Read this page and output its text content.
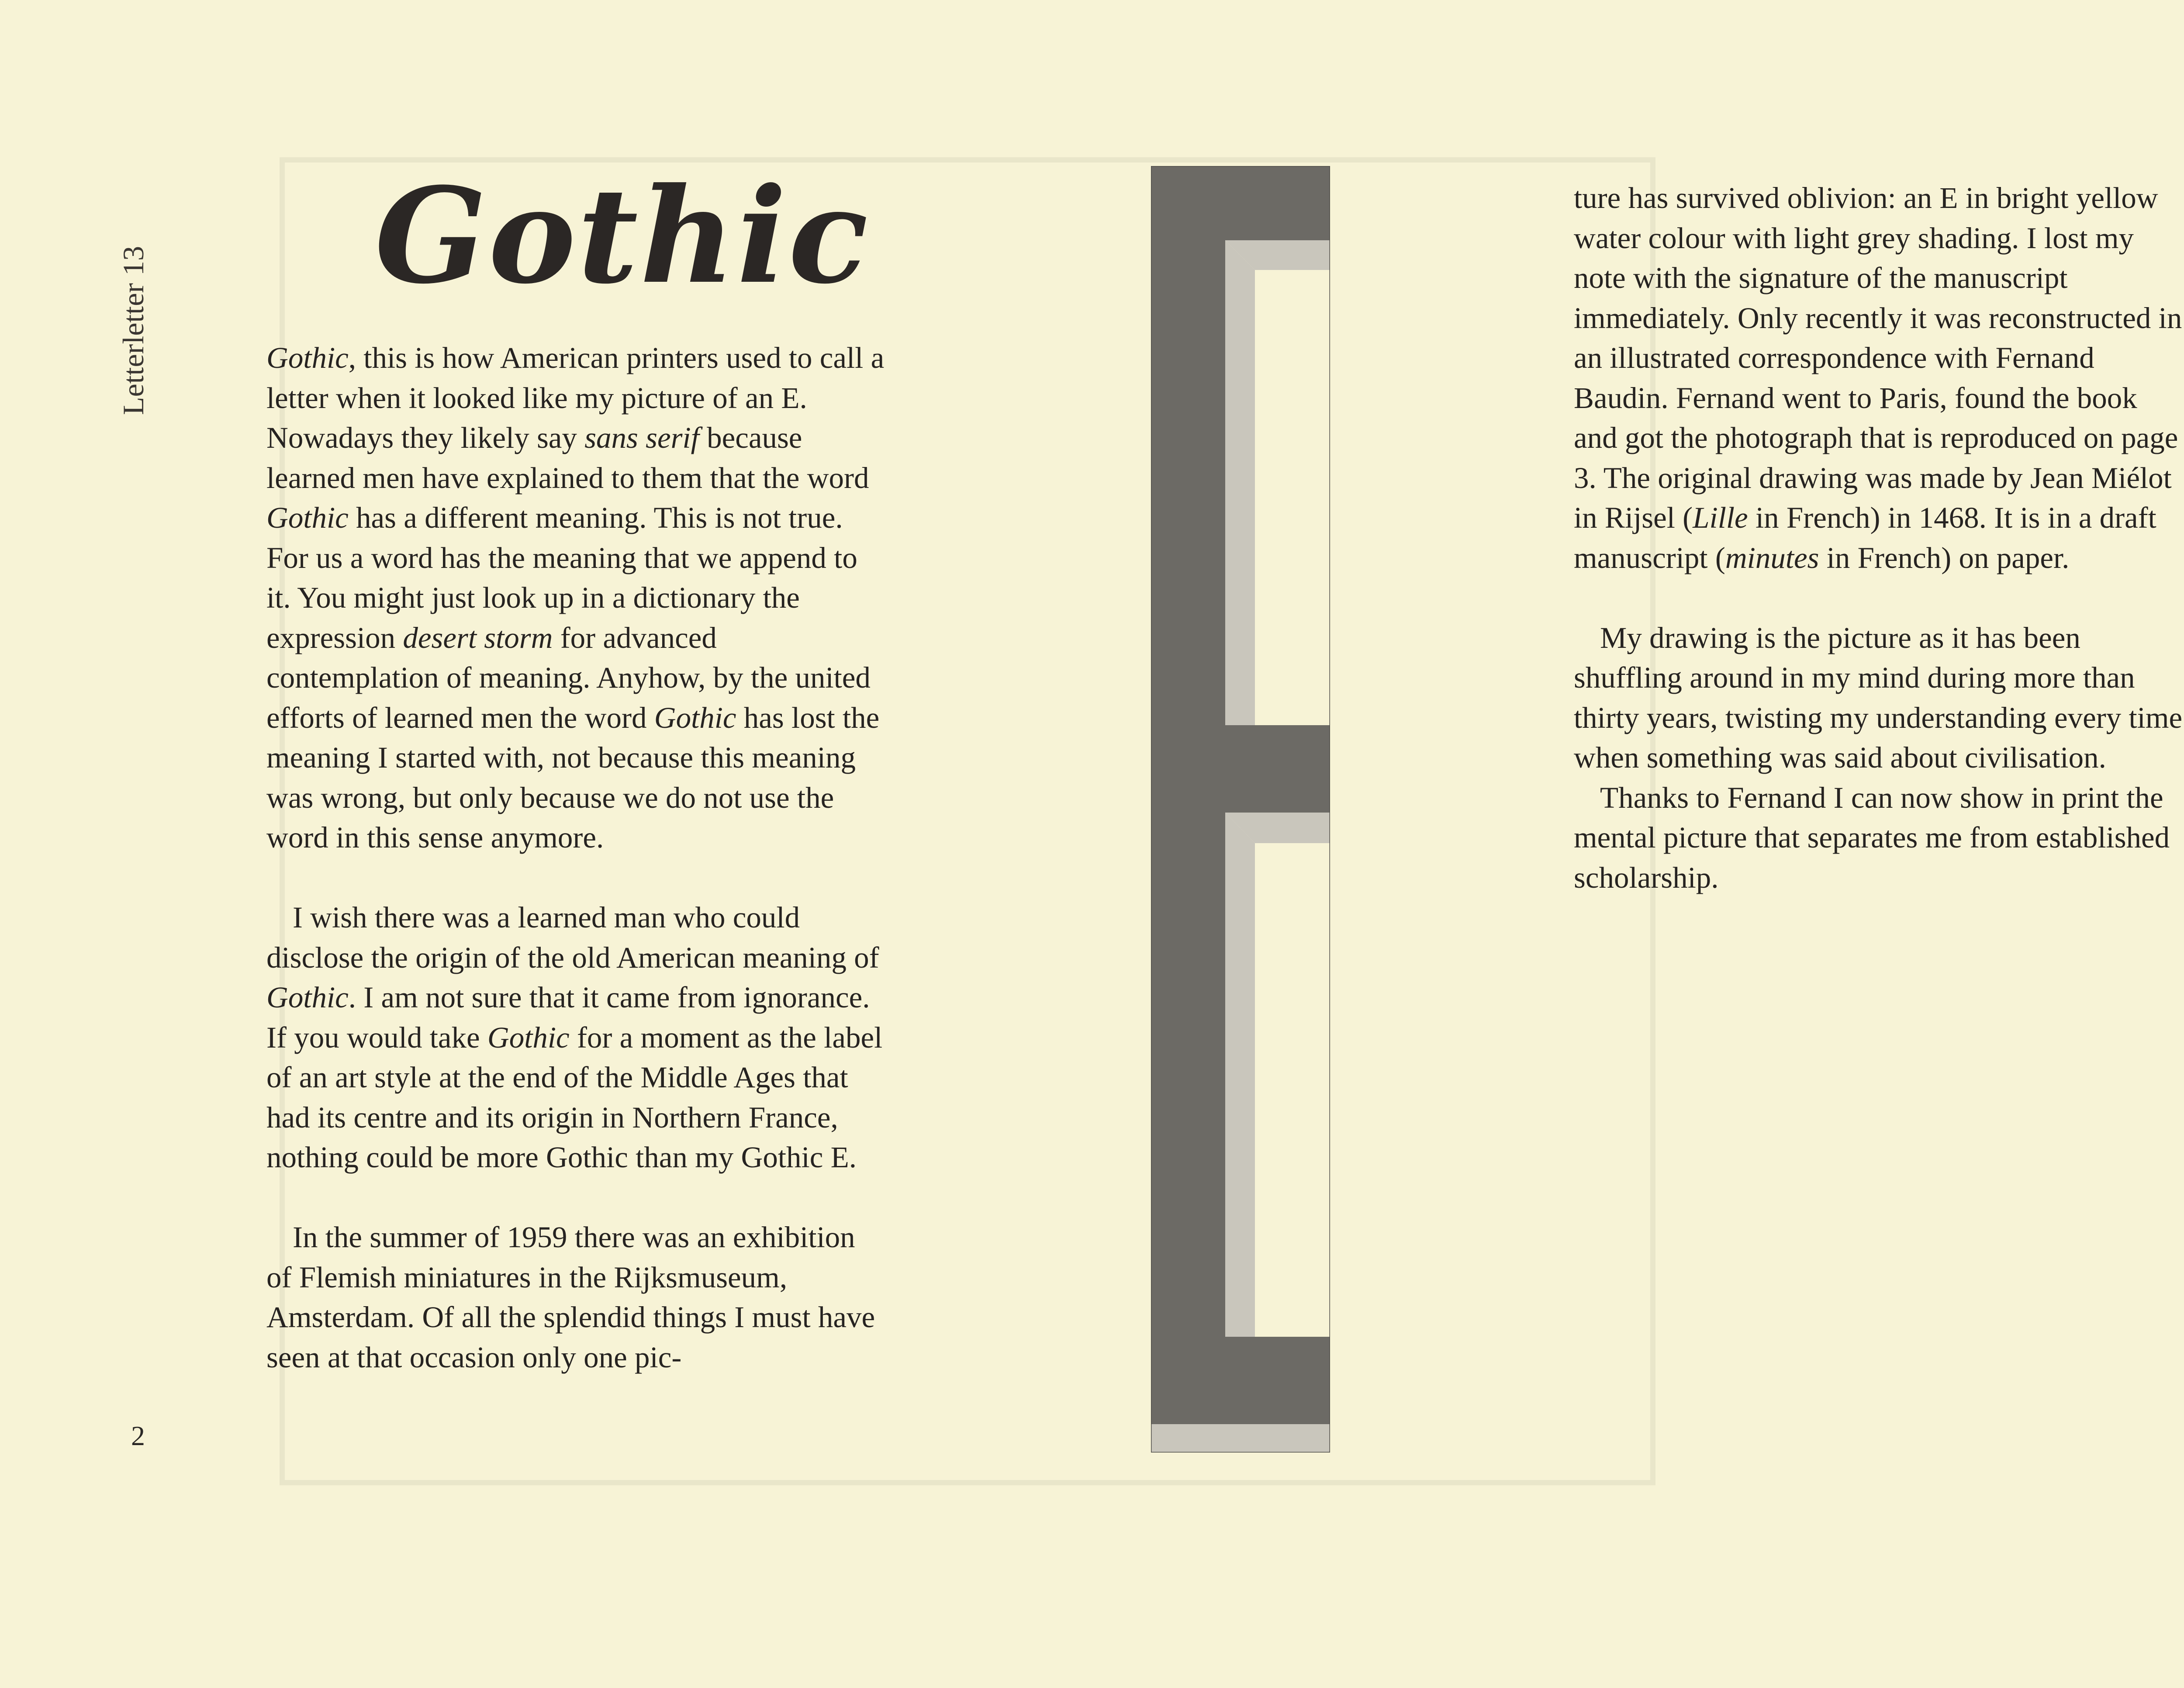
Letterletter 13
Gothic

Gothic, this is how American printers used to call a letter when it looked like my picture of an E. Nowadays they likely say sans serif because learned men have explained to them that the word Gothic has a different meaning. This is not true. For us a word has the meaning that we append to it. You might just look up in a dictionary the expression desert storm for advanced contemplation of meaning. Anyhow, by the united efforts of learned men the word Gothic has lost the meaning I started with, not because this meaning was wrong, but only because we do not use the word in this sense anymore.

I wish there was a learned man who could disclose the origin of the old American meaning of Gothic. I am not sure that it came from ignorance. If you would take Gothic for a moment as the label of an art style at the end of the Middle Ages that had its centre and its origin in Northern France, nothing could be more Gothic than my Gothic E.

In the summer of 1959 there was an exhibition of Flemish miniatures in the Rijksmuseum, Amsterdam. Of all the splendid things I must have seen at that occasion only one pic-

ture has survived oblivion: an E in bright yellow water colour with light grey shading. I lost my note with the signature of the manuscript immediately. Only recently it was reconstructed in an illustrated correspondence with Fernand Baudin. Fernand went to Paris, found the book and got the photograph that is reproduced on page 3. The original drawing was made by Jean Miélot in Rijsel (Lille in French) in 1468. It is in a draft manuscript (minutes in French) on paper.

My drawing is the picture as it has been shuffling around in my mind during more than thirty years, twisting my understanding every time when something was said about civilisation.

Thanks to Fernand I can now show in print the mental picture that separates me from established scholarship.

2
